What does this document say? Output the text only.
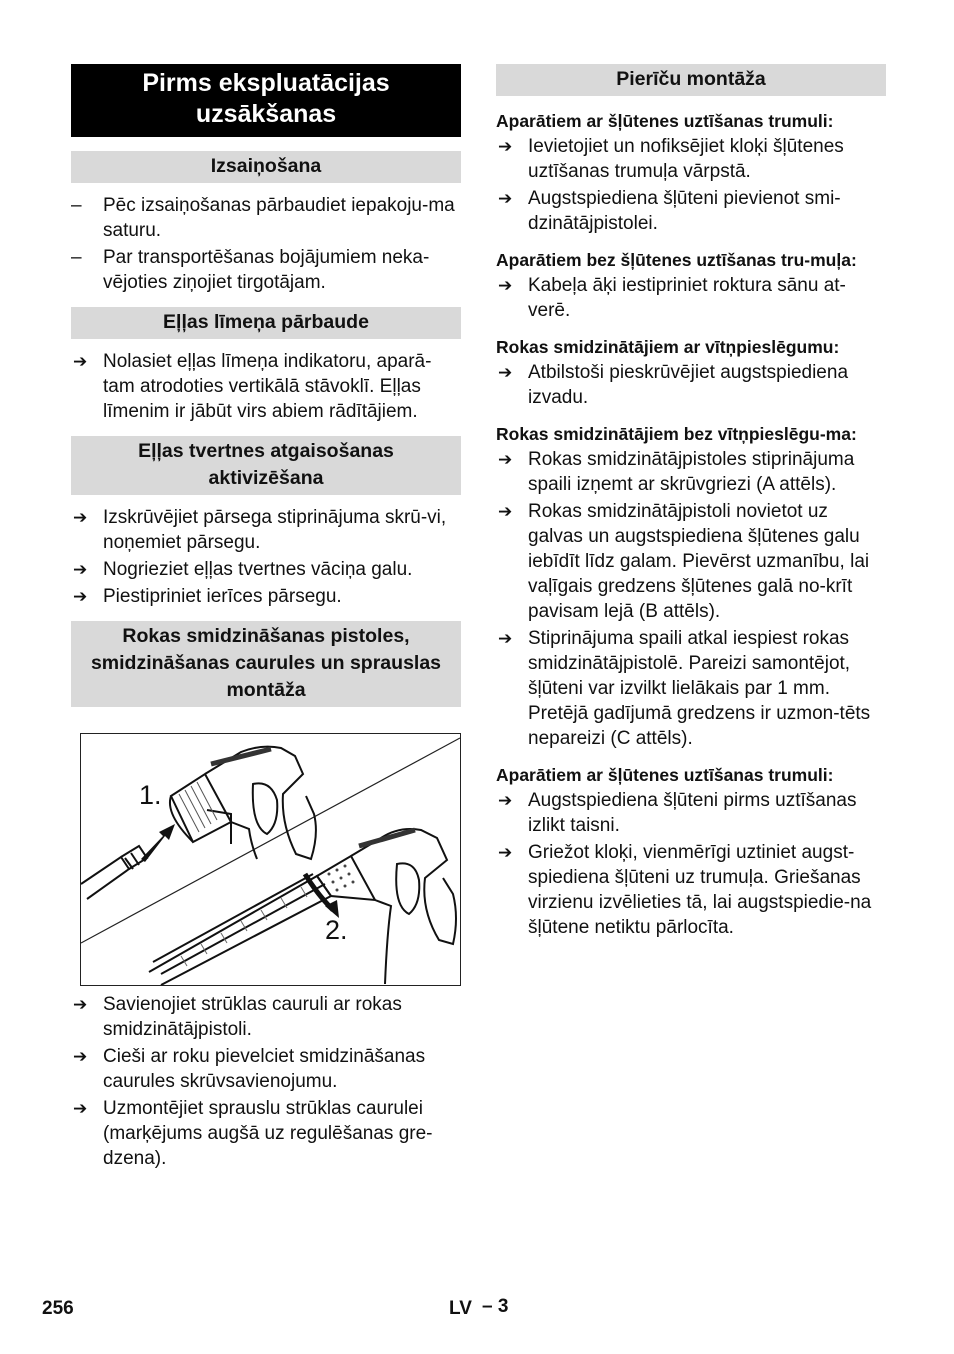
Pirms ekspluatācijas uzsākšanas
Izsaiņošana
–	Pēc izsaiņošanas pārbaudiet iepakoju-ma saturu.
–	Par transportēšanas bojājumiem neka-vējoties ziņojiet tirgotājam.
Eļļas līmeņa pārbaude
➔ Nolasiet eļļas līmeņa indikatoru, aparā-tam atrodoties vertikālā stāvoklī. Eļļas līmenim ir jābūt virs abiem rādītājiem.
Eļļas tvertnes atgaisošanas aktivizēšana
➔ Izskrūvējiet pārsega stiprinājuma skrū-vi, noņemiet pārsegu.
➔ Nogrieziet eļļas tvertnes vāciņa galu.
➔ Piestipriniet ierīces pārsegu.
Rokas smidzināšanas pistoles, smidzināšanas caurules un sprauslas montāža
1.
2.
➔ Savienojiet strūklas cauruli ar rokas smidzinātājpistoli.
➔ Cieši ar roku pievelciet smidzināšanas caurules skrūvsavienojumu.
➔ Uzmontējiet sprauslu strūklas caurulei (marķējums augšā uz regulēšanas gre-dzena).
Pierīču montāža
Aparātiem ar šļūtenes uztīšanas trumuli:
➔ Ievietojiet un nofiksējiet kloķi šļūtenes uztīšanas trumuļa vārpstā.
➔ Augstspiediena šļūteni pievienot smi-dzinātājpistolei.
Aparātiem bez šļūtenes uztīšanas tru-muļa:
➔ Kabeļa āķi iestipriniet roktura sānu at-verē.
Rokas smidzinātājiem ar vītņpieslēgumu:
➔ Atbilstoši pieskrūvējiet augstspiediena izvadu.
Rokas smidzinātājiem bez vītņpieslēgu-ma:
➔ Rokas smidzinātājpistoles stiprinājuma spaili izņemt ar skrūvgriezi (A attēls).
➔ Rokas smidzinātājpistoli novietot uz galvas un augstspiediena šļūtenes galu iebīdīt līdz galam. Pievērst uzmanību, lai vaļīgais gredzens šļūtenes galā no-krīt pavisam lejā (B attēls).
➔ Stiprinājuma spaili atkal iespiest rokas smidzinātājpistolē. Pareizi samontējot, šļūteni var izvilkt lielākais par 1 mm. Pretējā gadījumā gredzens ir uzmon-tēts nepareizi (C attēls).
Aparātiem ar šļūtenes uztīšanas trumuli:
➔ Augstspiediena šļūteni pirms uztīšanas izlikt taisni.
➔ Griežot kloķi, vienmērīgi uztiniet augst-spiediena šļūteni uz trumuļa. Griešanas virzienu izvēlieties tā, lai augstspiedie-na šļūtene netiktu pārlocīta.
256	LV – 3
